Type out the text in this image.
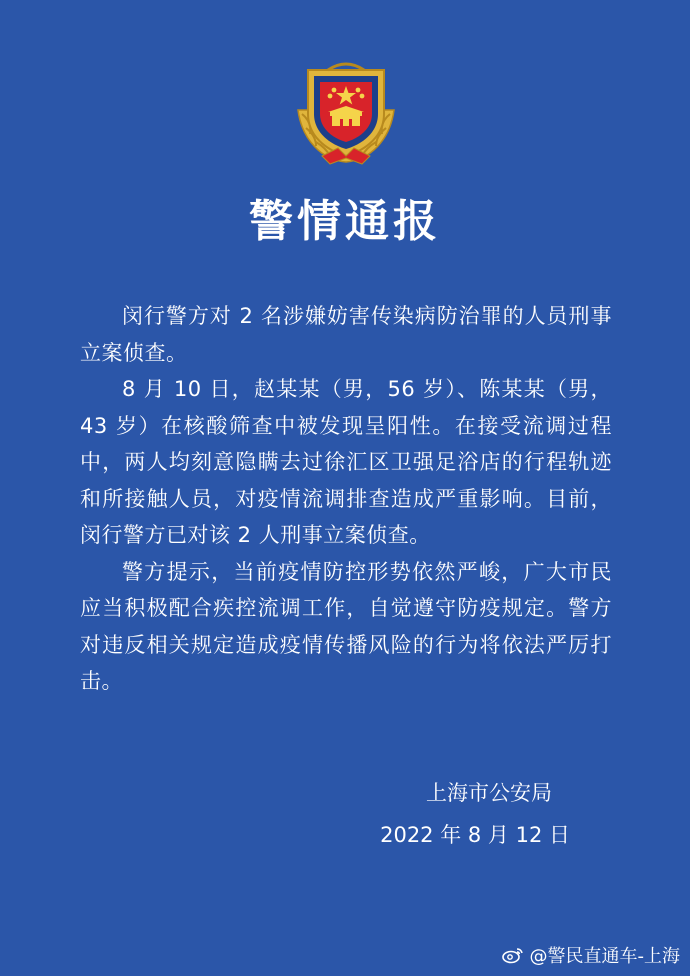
警情通报

闵行警方对 2 名涉嫌妨害传染病防治罪的人员刑事立案侦查。

8 月 10 日，赵某某（男，56 岁）、陈某某（男，43 岁）在核酸筛查中被发现呈阳性。在接受流调过程中，两人均刻意隐瞒去过徐汇区卫强足浴店的行程轨迹和所接触人员，对疫情流调排查造成严重影响。目前，闵行警方已对该 2 人刑事立案侦查。

警方提示，当前疫情防控形势依然严峻，广大市民应当积极配合疾控流调工作，自觉遵守防疫规定。警方对违反相关规定造成疫情传播风险的行为将依法严厉打击。

上海市公安局
2022 年 8 月 12 日
@警民直通车-上海
